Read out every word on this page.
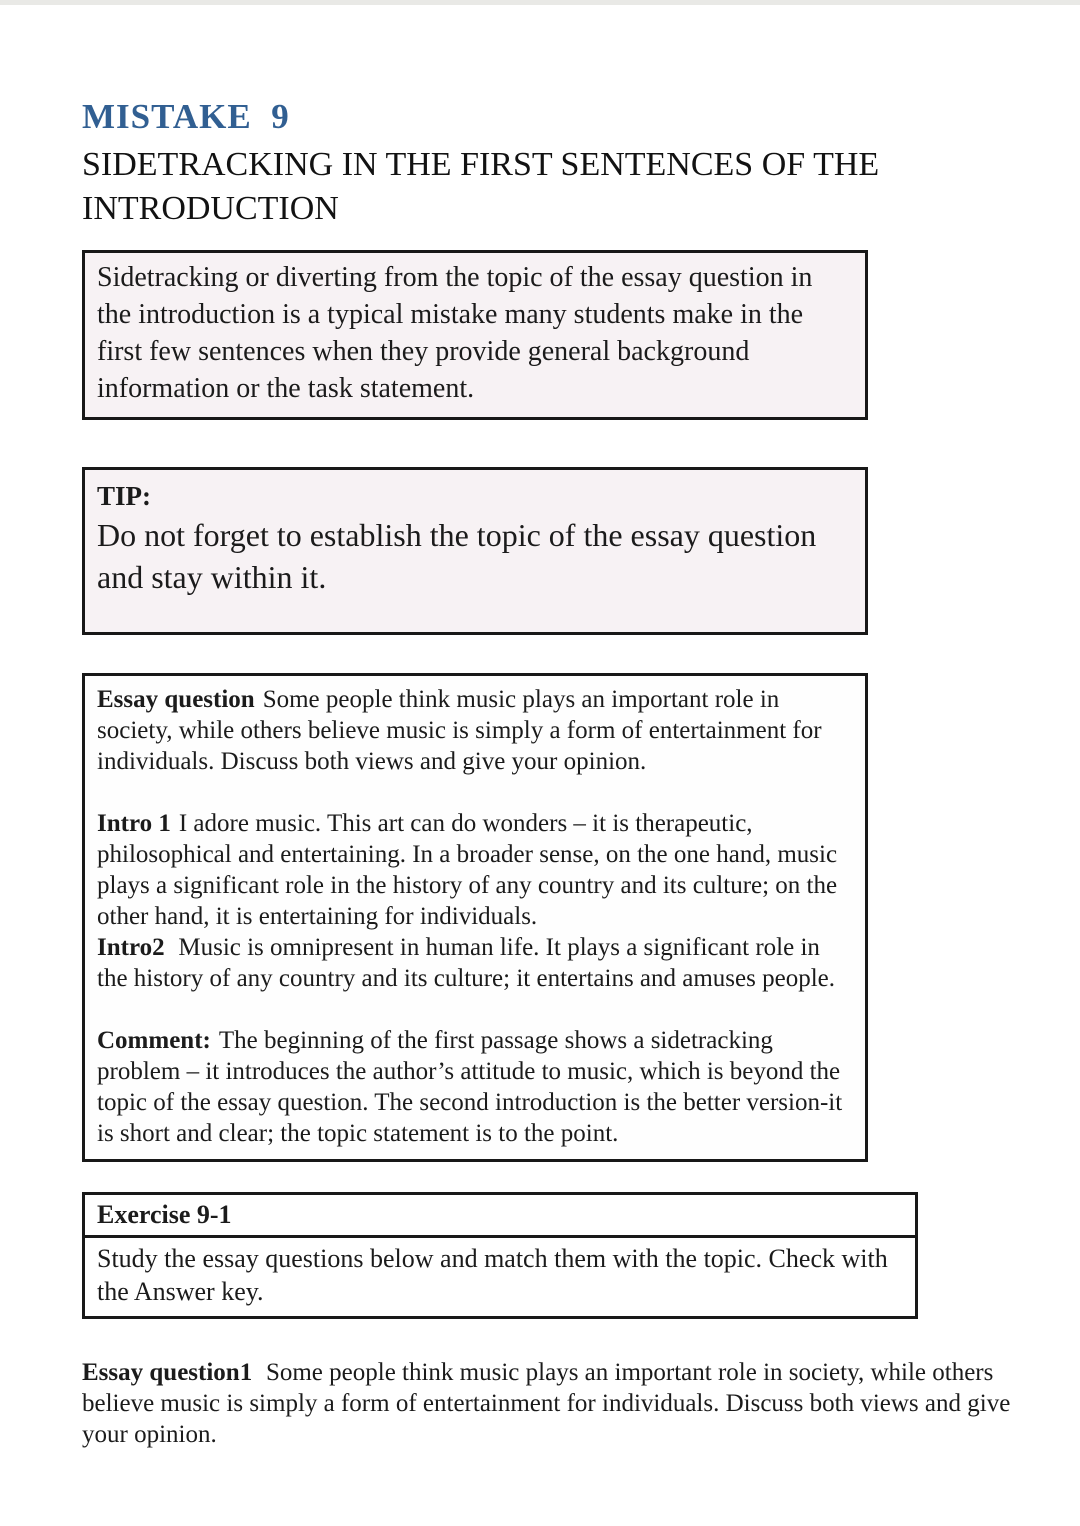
MISTAKE  9
SIDETRACKING IN THE FIRST SENTENCES OF THE
INTRODUCTION
Sidetracking or diverting from the topic of the essay question in the introduction is a typical mistake many students make in the first few sentences when they provide general background information or the task statement.
TIP:
Do not forget to establish the topic of the essay question and stay within it.

Essay question Some people think music plays an important role in society, while others believe music is simply a form of entertainment for individuals. Discuss both views and give your opinion.

Intro 1 I adore music. This art can do wonders – it is therapeutic, philosophical and entertaining. In a broader sense, on the one hand, music plays a significant role in the history of any country and its culture; on the other hand, it is entertaining for individuals.

Intro2 Music is omnipresent in human life. It plays a significant role in the history of any country and its culture; it entertains and amuses people.

Comment: The beginning of the first passage shows a sidetracking problem – it introduces the author’s attitude to music, which is beyond the topic of the essay question. The second introduction is the better version-it is short and clear; the topic statement is to the point.

Exercise 9-1
Study the essay questions below and match them with the topic. Check with the Answer key.

Essay question1 Some people think music plays an important role in society, while others believe music is simply a form of entertainment for individuals. Discuss both views and give your opinion.
